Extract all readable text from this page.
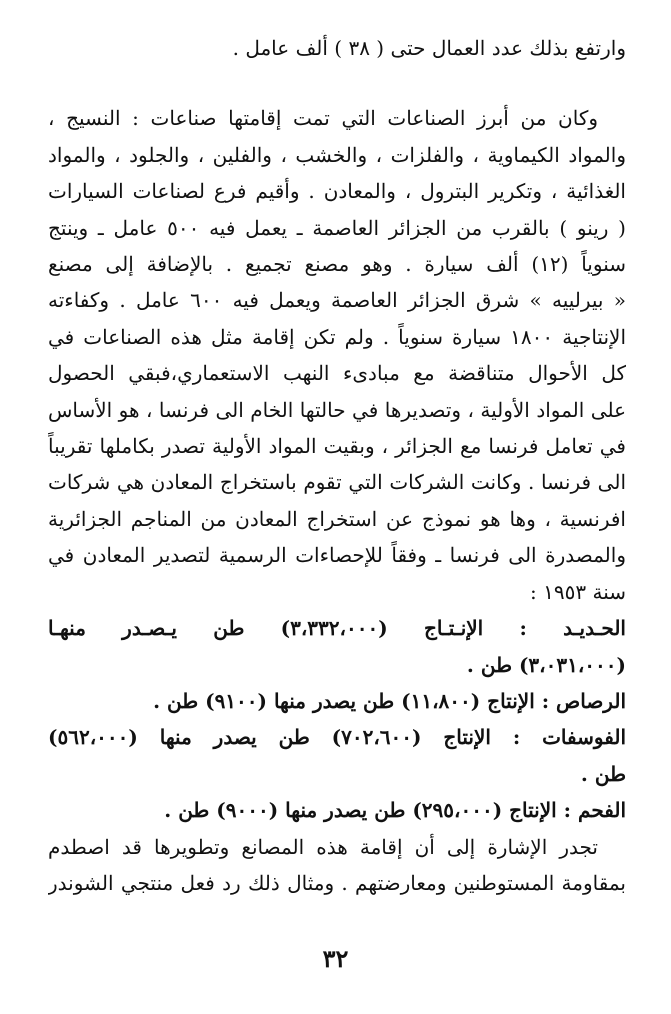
وارتفع بذلك عدد العمال حتى ( ٣٨ ) ألف عامل .
وكان من أبرز الصناعات التي تمت إقامتها صناعات : النسيج ،
والمواد الكيماوية ، والفلزات ، والخشب ، والفلين ، والجلود ، والمواد
الغذائية ، وتكرير البترول ، والمعادن . وأقيم فرع لصناعات السيارات
( رينو ) بالقرب من الجزائر العاصمة ـ يعمل فيه ٥٠٠ عامل ـ وينتج
سنوياً (١٢) ألف سيارة . وهو مصنع تجميع . بالإضافة إلى مصنع
« بيرلييه » شرق الجزائر العاصمة ويعمل فيه ٦٠٠ عامل . وكفاءته
الإنتاجية ١٨٠٠ سيارة سنوياً . ولم تكن إقامة مثل هذه الصناعات في
كل الأحوال متناقضة مع مبادىء النهب الاستعماري،فبقي الحصول
على المواد الأولية ، وتصديرها في حالتها الخام الى فرنسا ، هو الأساس
في تعامل فرنسا مع الجزائر ، وبقيت المواد الأولية تصدر بكاملها تقريباً
الى فرنسا . وكانت الشركات التي تقوم باستخراج المعادن هي شركات
افرنسية ، وها هو نموذج عن استخراج المعادن من المناجم الجزائرية
والمصدرة الى فرنسا ـ وفقاً للإحصاءات الرسمية لتصدير المعادن في
سنة ١٩٥٣ :
الحـديـد : الإنـتـاج (٣،٣٣٢،٠٠٠) طن يـصـدر منهـا
(٣،٠٣١،٠٠٠) طن .
الرصاص : الإنتاج (١١،٨٠٠) طن يصدر منها (٩١٠٠) طن .
الفوسفات : الإنتاج (٧٠٢،٦٠٠) طن يصدر منها (٥٦٢،٠٠٠)
طن .
الفحم : الإنتاج (٢٩٥،٠٠٠) طن يصدر منها (٩٠٠٠) طن .
تجدر الإشارة إلى أن إقامة هذه المصانع وتطويرها قد اصطدم
بمقاومة المستوطنين ومعارضتهم . ومثال ذلك رد فعل منتجي الشوندر
٣٢
